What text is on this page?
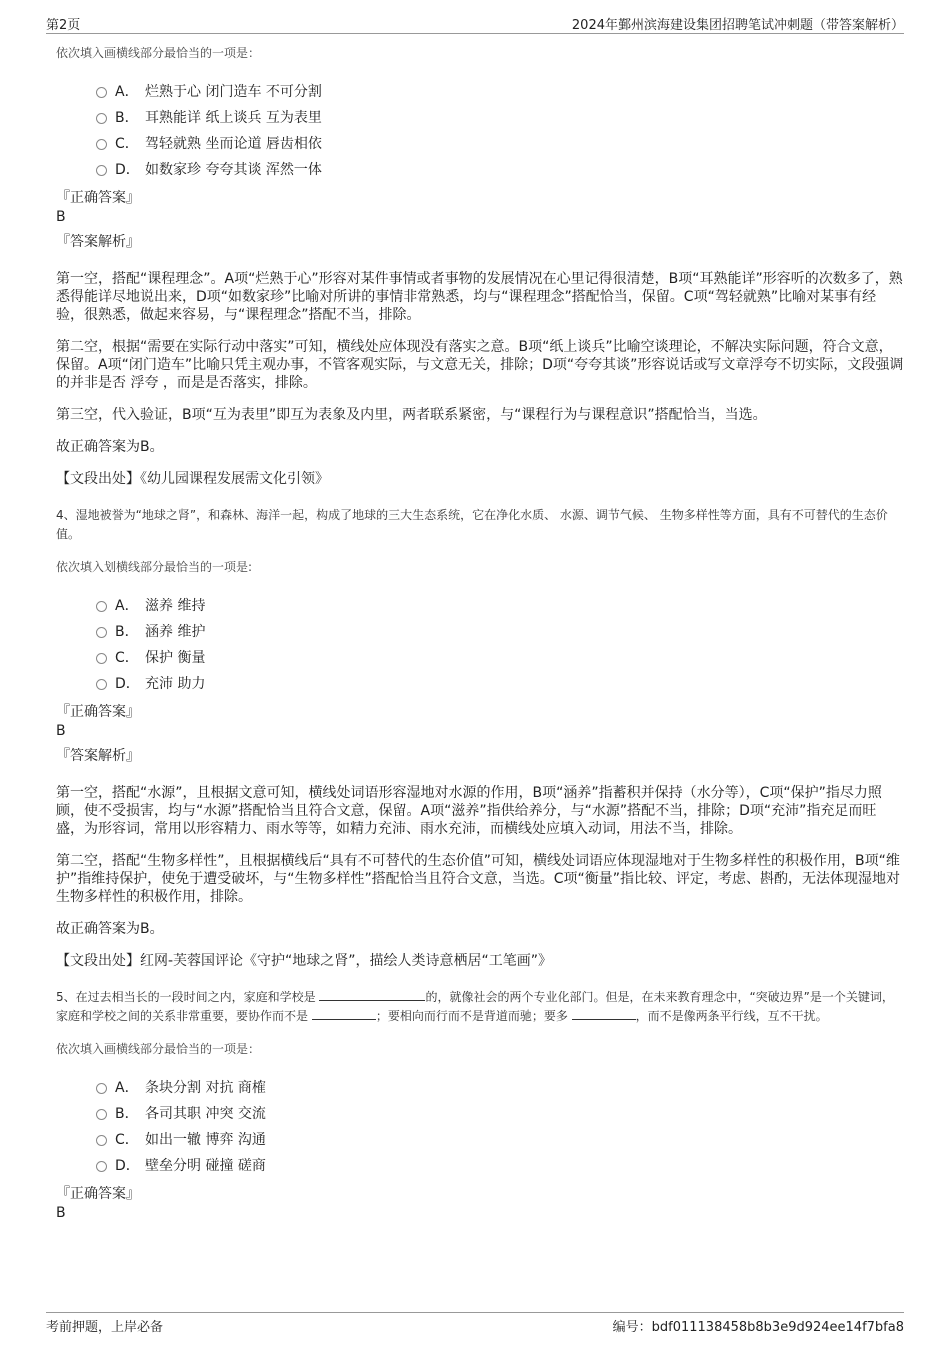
第2页	2024年鄞州滨海建设集团招聘笔试冲刺题（带答案解析）
依次填入画横线部分最恰当的一项是：
A． 烂熟于心 闭门造车 不可分割
B． 耳熟能详 纸上谈兵 互为表里
C． 驾轻就熟 坐而论道 唇齿相依
D． 如数家珍 夸夸其谈 浑然一体
『正确答案』
B
『答案解析』
第一空，搭配“课程理念”。A项“烂熟于心”形容对某件事情或者事物的发展情况在心里记得很清楚，B项“耳熟能详”形容听的次数多了，熟悉得能详尽地说出来，D项“如数家珍”比喻对所讲的事情非常熟悉，均与“课程理念”搭配恰当，保留。C项“驾轻就熟”比喻对某事有经验，很熟悉，做起来容易，与“课程理念”搭配不当，排除。
第二空，根据“需要在实际行动中落实”可知，横线处应体现没有落实之意。B项“纸上谈兵”比喻空谈理论，不解决实际问题，符合文意，保留。A项“闭门造车”比喻只凭主观办事，不管客观实际，与文意无关，排除；D项“夸夸其谈”形容说话或写文章浮夸不切实际，文段强调的并非是否 浮夸 ，而是是否落实，排除。
第三空，代入验证，B项“互为表里”即互为表象及内里，两者联系紧密，与“课程行为与课程意识”搭配恰当，当选。
故正确答案为B。
【文段出处】《幼儿园课程发展需文化引领》
4、湿地被誉为“地球之肾”，和森林、海洋一起，构成了地球的三大生态系统，它在净化水质、 水源、调节气候、 生物多样性等方面，具有不可替代的生态价值。
依次填入划横线部分最恰当的一项是:
A． 滋养 维持
B． 涵养 维护
C． 保护 衡量
D． 充沛 助力
『正确答案』
B
『答案解析』
第一空，搭配“水源”，且根据文意可知，横线处词语形容湿地对水源的作用，B项“涵养”指蓄积并保持（水分等），C项“保护”指尽力照顾，使不受损害，均与“水源”搭配恰当且符合文意，保留。A项“滋养”指供给养分，与“水源”搭配不当，排除；D项“充沛”指充足而旺盛，为形容词，常用以形容精力、雨水等等，如精力充沛、雨水充沛，而横线处应填入动词，用法不当，排除。
第二空，搭配“生物多样性”，且根据横线后“具有不可替代的生态价值”可知，横线处词语应体现湿地对于生物多样性的积极作用，B项“维护”指维持保护，使免于遭受破坏，与“生物多样性”搭配恰当且符合文意，当选。C项“衡量”指比较、评定，考虑、斟酌，无法体现湿地对生物多样性的积极作用，排除。
故正确答案为B。
【文段出处】红网-芙蓉国评论《守护“地球之肾”，描绘人类诗意栖居“工笔画”》
5、在过去相当长的一段时间之内，家庭和学校是	的，就像社会的两个专业化部门。但是，在未来教育理念中，“突破边界”是一个关键词，家庭和学校之间的关系非常重要，要协作而不是	；要相向而行而不是背道而驰；要多	，而不是像两条平行线，互不干扰。
依次填入画横线部分最恰当的一项是：
A． 条块分割 对抗 商榷
B． 各司其职 冲突 交流
C． 如出一辙 博弈 沟通
D． 壁垒分明 碰撞 磋商
『正确答案』
B
考前押题，上岸必备	编号：bdf011138458b8b3e9d924ee14f7bfa8
